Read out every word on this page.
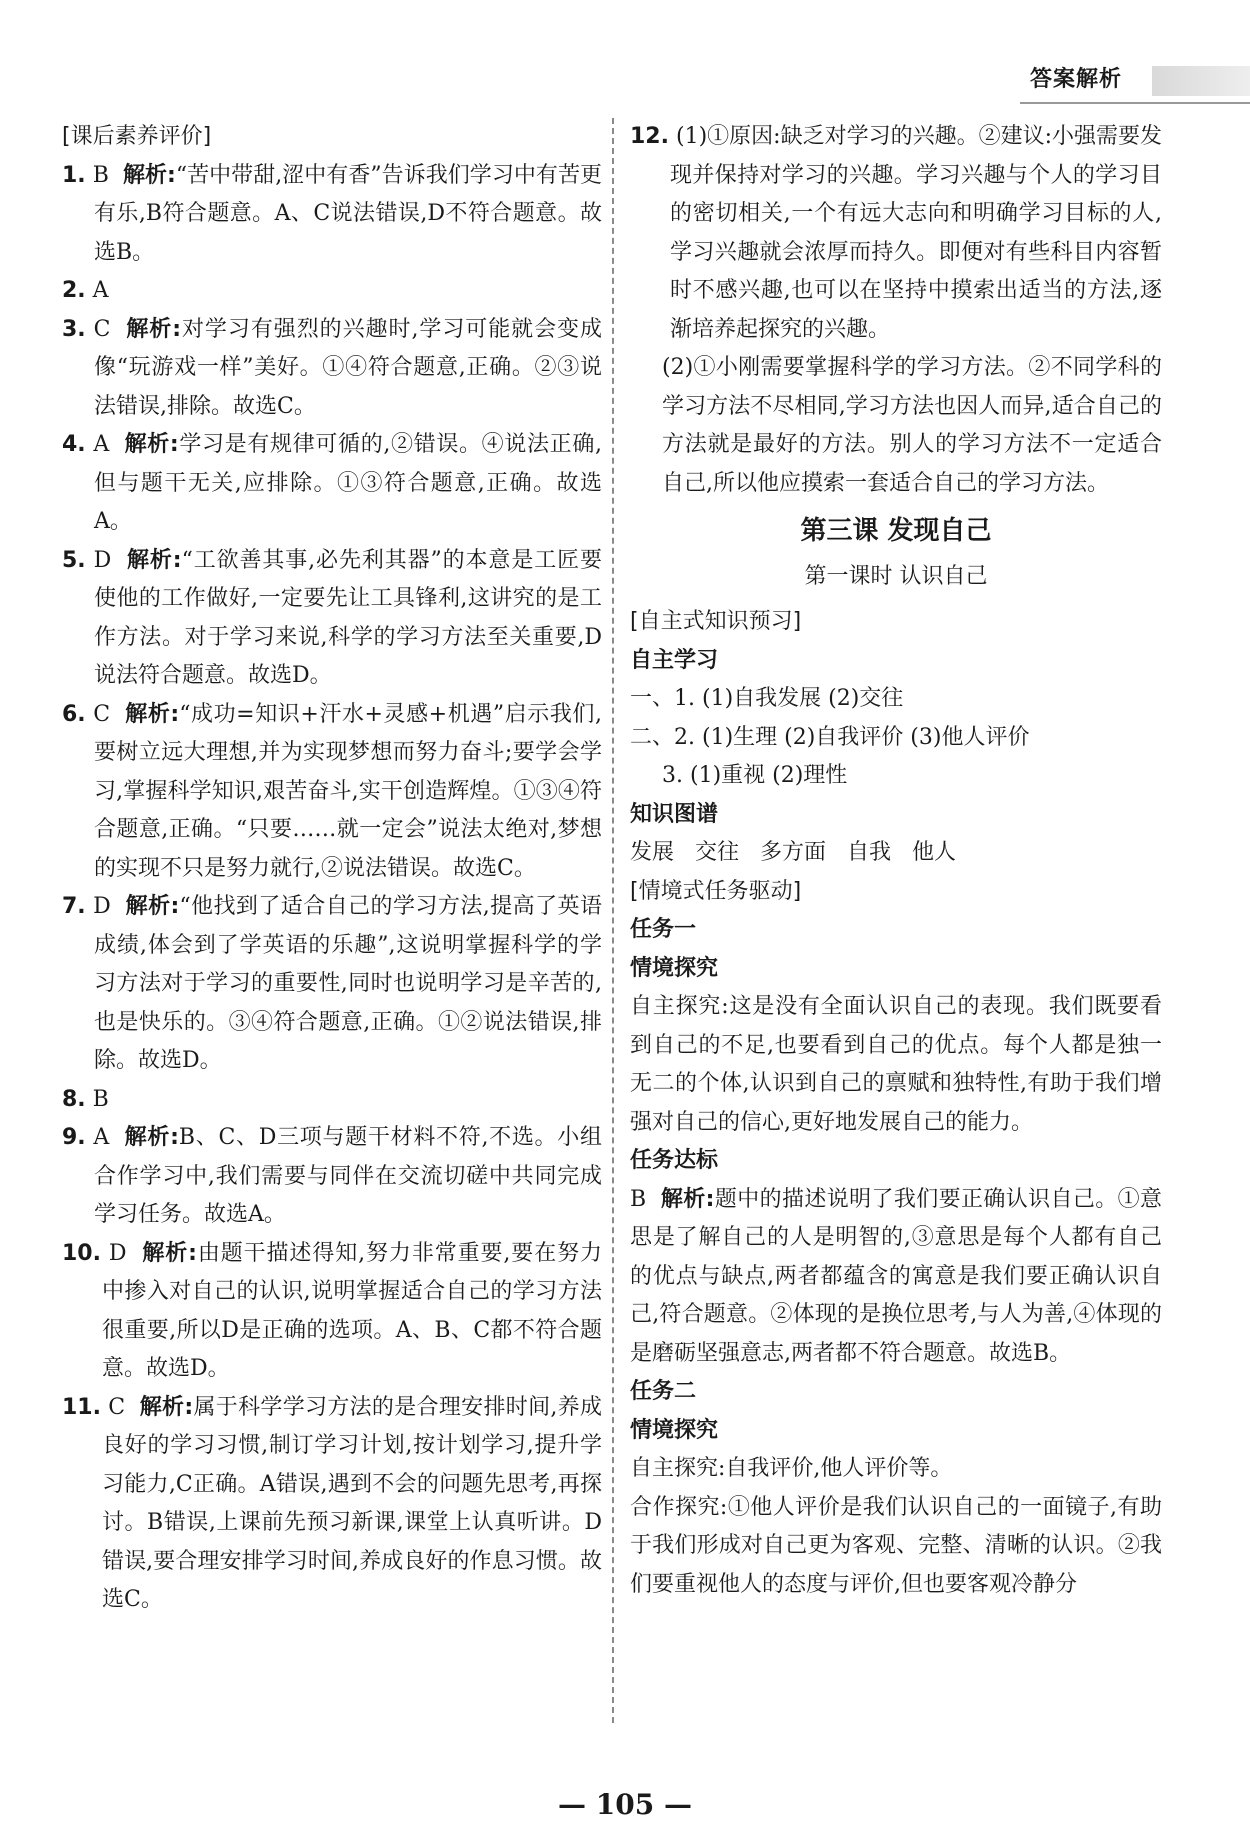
答案解析

[课后素养评价]

1. B 解析:“苦中带甜,涩中有香”告诉我们学习中有苦更有乐,B符合题意。A、C说法错误,D不符合题意。故选B。

2. A

3. C 解析:对学习有强烈的兴趣时,学习可能就会变成像“玩游戏一样”美好。①④符合题意,正确。②③说法错误,排除。故选C。

4. A 解析:学习是有规律可循的,②错误。④说法正确,但与题干无关,应排除。①③符合题意,正确。故选A。

5. D 解析:“工欲善其事,必先利其器”的本意是工匠要使他的工作做好,一定要先让工具锋利,这讲究的是工作方法。对于学习来说,科学的学习方法至关重要,D说法符合题意。故选D。

6. C 解析:“成功=知识+汗水+灵感+机遇”启示我们,要树立远大理想,并为实现梦想而努力奋斗;要学会学习,掌握科学知识,艰苦奋斗,实干创造辉煌。①③④符合题意,正确。“只要……就一定会”说法太绝对,梦想的实现不只是努力就行,②说法错误。故选C。

7. D 解析:“他找到了适合自己的学习方法,提高了英语成绩,体会到了学英语的乐趣”,这说明掌握科学的学习方法对于学习的重要性,同时也说明学习是辛苦的,也是快乐的。③④符合题意,正确。①②说法错误,排除。故选D。

8. B

9. A 解析:B、C、D三项与题干材料不符,不选。小组合作学习中,我们需要与同伴在交流切磋中共同完成学习任务。故选A。

10. D 解析:由题干描述得知,努力非常重要,要在努力中掺入对自己的认识,说明掌握适合自己的学习方法很重要,所以D是正确的选项。A、B、C都不符合题意。故选D。

11. C 解析:属于科学学习方法的是合理安排时间,养成良好的学习习惯,制订学习计划,按计划学习,提升学习能力,C正确。A错误,遇到不会的问题先思考,再探讨。B错误,上课前先预习新课,课堂上认真听讲。D错误,要合理安排学习时间,养成良好的作息习惯。故选C。

12. (1)①原因:缺乏对学习的兴趣。②建议:小强需要发现并保持对学习的兴趣。学习兴趣与个人的学习目的密切相关,一个有远大志向和明确学习目标的人,学习兴趣就会浓厚而持久。即便对有些科目内容暂时不感兴趣,也可以在坚持中摸索出适当的方法,逐渐培养起探究的兴趣。

(2)①小刚需要掌握科学的学习方法。②不同学科的学习方法不尽相同,学习方法也因人而异,适合自己的方法就是最好的方法。别人的学习方法不一定适合自己,所以他应摸索一套适合自己的学习方法。

第三课 发现自己
第一课时 认识自己

[自主式知识预习]

自主学习

一、1. (1)自我发展 (2)交往

二、2. (1)生理 (2)自我评价 (3)他人评价

3. (1)重视 (2)理性

知识图谱

发展 交往 多方面 自我 他人

[情境式任务驱动]

任务一

情境探究

自主探究:这是没有全面认识自己的表现。我们既要看到自己的不足,也要看到自己的优点。每个人都是独一无二的个体,认识到自己的禀赋和独特性,有助于我们增强对自己的信心,更好地发展自己的能力。

任务达标

B 解析:题中的描述说明了我们要正确认识自己。①意思是了解自己的人是明智的,③意思是每个人都有自己的优点与缺点,两者都蕴含的寓意是我们要正确认识自己,符合题意。②体现的是换位思考,与人为善,④体现的是磨砺坚强意志,两者都不符合题意。故选B。

任务二

情境探究

自主探究:自我评价,他人评价等。

合作探究:①他人评价是我们认识自己的一面镜子,有助于我们形成对自己更为客观、完整、清晰的认识。②我们要重视他人的态度与评价,但也要客观冷静分

— 105 —
